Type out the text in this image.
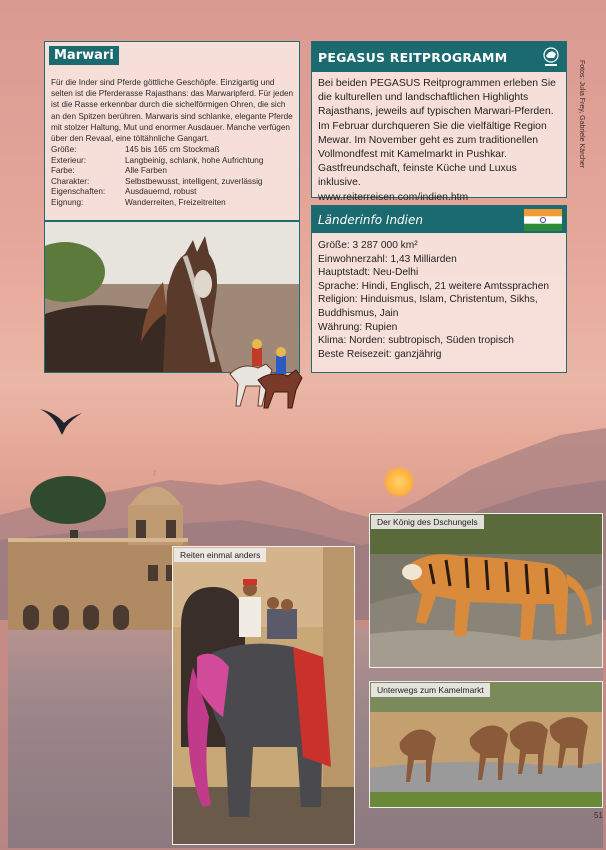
Marwari

Für die Inder sind Pferde göttliche Geschöpfe. Einzigartig und selten ist die Pferderasse Rajasthans: das Marwaripferd. Für jeden ist die Rasse erkennbar durch die sichelförmigen Ohren, die sich an den Spitzen berühren. Marwaris sind schlanke, elegante Pferde mit stolzer Haltung, Mut und enormer Ausdauer. Manche verfügen über den Revaal, eine töltähnliche Gangart.

Größe:	145 bis 165 cm Stockmaß
Exterieur:	Langbeinig, schlank, hohe Aufrichtung
Farbe:	Alle Farben
Charakter:	Selbstbewusst, intelligent, zuverlässig
Eigenschaften:	Ausdauernd, robust
Eignung:	Wanderreiten, Freizeitreiten
PEGASUS REITPROGRAMM

Bei beiden PEGASUS Reitprogrammen erleben Sie die kulturellen und landschaftlichen Highlights Rajasthans, jeweils auf typischen Marwari-Pferden. Im Februar durchqueren Sie die vielfältige Region Mewar. Im November geht es zum traditionellen Vollmondfest mit Kamelmarkt in Pushkar. Gastfreundschaft, feinste Küche und Luxus inklusive.
www.reiterreisen.com/indien.htm

Länderinfo Indien
Größe: 3 287 000 km²
Einwohnerzahl: 1,43 Milliarden
Hauptstadt: Neu-Delhi
Sprache: Hindi, Englisch, 21 weitere Amtssprachen
Religion: Hinduismus, Islam, Christentum, Sikhs, Buddhismus, Jain
Währung: Rupien
Klima: Norden: subtropisch, Süden tropisch
Beste Reisezeit: ganzjährig
Fotos: Julia Frey, Gabriele Kärcher
Reiten einmal anders
Der König des Dschungels
Unterwegs zum Kamelmarkt
51
